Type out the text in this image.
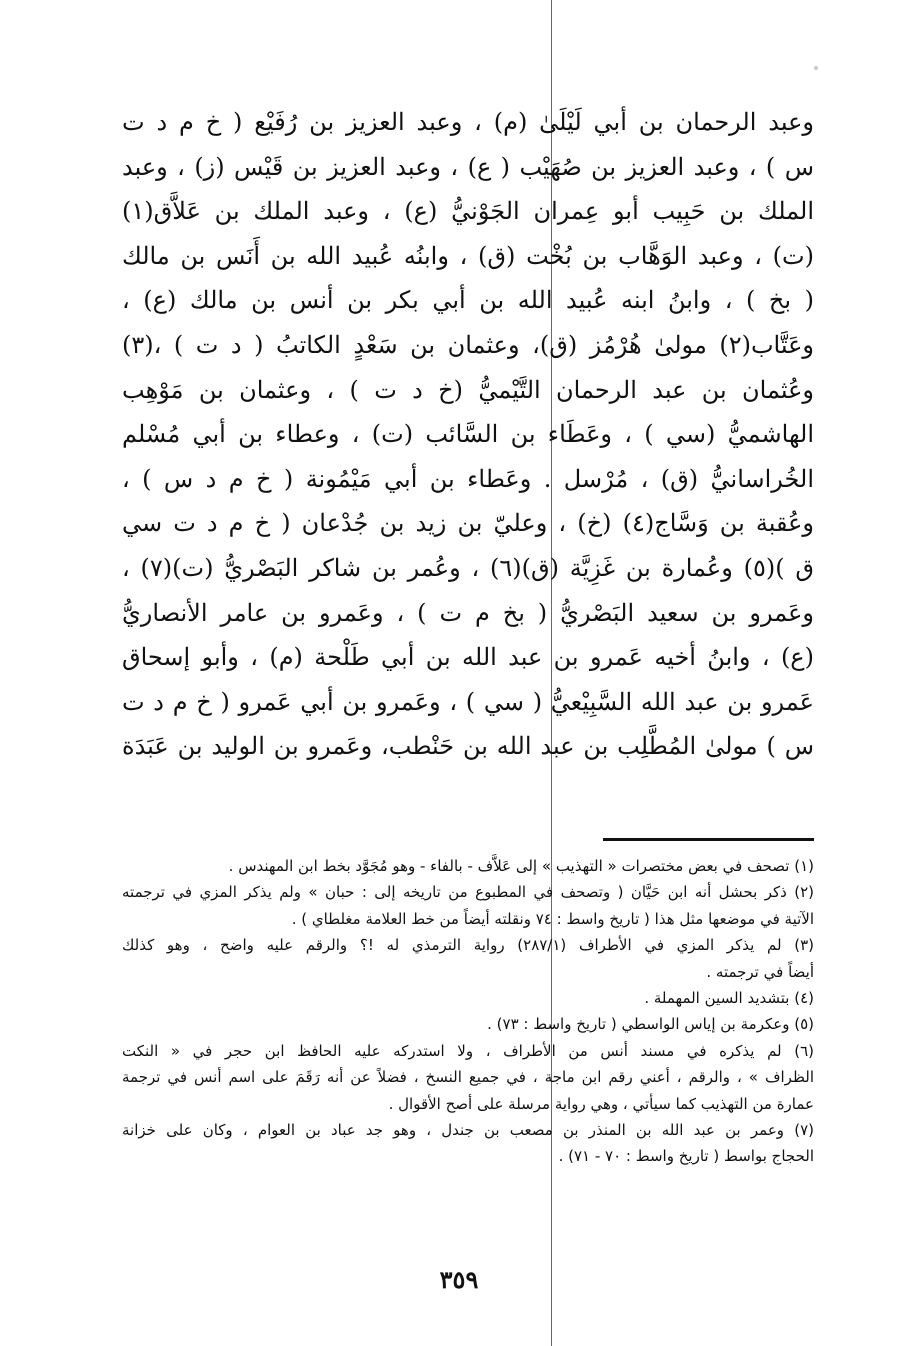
وعبد الرحمان بن أبي لَيْلَىٰ (م) ، وعبد العزيز بن رُفَيْع ( خ م د ت
س ) ، وعبد العزيز بن صُهَيْب ( ع) ، وعبد العزيز بن قَيْس (ز) ، وعبد
الملك بن حَبِيب أبو عِمران الجَوْنيُّ (ع) ، وعبد الملك بن عَلاَّق(١)
(ت) ، وعبد الوَهَّاب بن بُخْت (ق) ، وابنُه عُبيد الله بن أَنَس بن مالك
( بخ ) ، وابنُ ابنه عُبيد الله بن أبي بكر بن أنس بن مالك (ع) ،
وعَتَّاب(٢) مولىٰ هُرْمُز (ق)، وعثمان بن سَعْدٍ الكاتبُ ( د ت ) ،(٣)
وعُثمان بن عبد الرحمان التَّيْميُّ (خ د ت ) ، وعثمان بن مَوْهِب
الهاشميُّ (سي ) ، وعَطَاء بن السَّائب (ت) ، وعطاء بن أبي مُسْلم
الخُراسانيُّ (ق) ، مُرْسل . وعَطاء بن أبي مَيْمُونة ( خ م د س ) ،
وعُقبة بن وَسَّاج(٤) (خ) ، وعليّ بن زيد بن جُدْعان ( خ م د ت سي
ق )(٥) وعُمارة بن غَزِيَّة (ق)(٦) ، وعُمر بن شاكر البَصْريُّ (ت)(٧) ،
وعَمرو بن سعيد البَصْريُّ ( بخ م ت ) ، وعَمرو بن عامر الأنصاريُّ
(ع) ، وابنُ أخيه عَمرو بن عبد الله بن أبي طَلْحة (م) ، وأبو إسحاق
عَمرو بن عبد الله السَّبِيْعيُّ ( سي ) ، وعَمرو بن أبي عَمرو ( خ م د ت
س ) مولىٰ المُطَّلِب بن عبد الله بن حَنْطب، وعَمرو بن الوليد بن عَبَدَة
(١) تصحف في بعض مختصرات « التهذيب » إلى عَلاَّف - بالفاء - وهو مُجَوَّد بخط ابن المهندس .
(٢) ذكر بحشل أنه ابن حَيَّان ( وتصحف في المطبوع من تاريخه إلى : حبان » ولم يذكر المزي في ترجمته
الآتية في موضعها مثل هذا ( تاريخ واسط : ٧٤ ونقلته أيضاً من خط العلامة مغلطاي ) .
(٣) لم يذكر المزي في الأطراف (٢٨٧/١) رواية الترمذي له !؟ والرقم عليه واضح ، وهو كذلك
أيضاً في ترجمته .
(٤) بتشديد السين المهملة .
(٥) وعكرمة بن إياس الواسطي ( تاريخ واسط : ٧٣) .
(٦) لم يذكره في مسند أنس من الأطراف ، ولا استدركه عليه الحافظ ابن حجر في « النكت
الظراف » ، والرقم ، أعني رقم ابن ماجة ، في جميع النسخ ، فضلاً عن أنه رَقَمَ على اسم أنس في ترجمة
عمارة من التهذيب كما سيأتي ، وهي رواية مرسلة على أصح الأقوال .
(٧) وعمر بن عبد الله بن المنذر بن مصعب بن جندل ، وهو جد عباد بن العوام ، وكان على خزانة
الحجاج بواسط ( تاريخ واسط : ٧٠ - ٧١) .
٣٥٩
